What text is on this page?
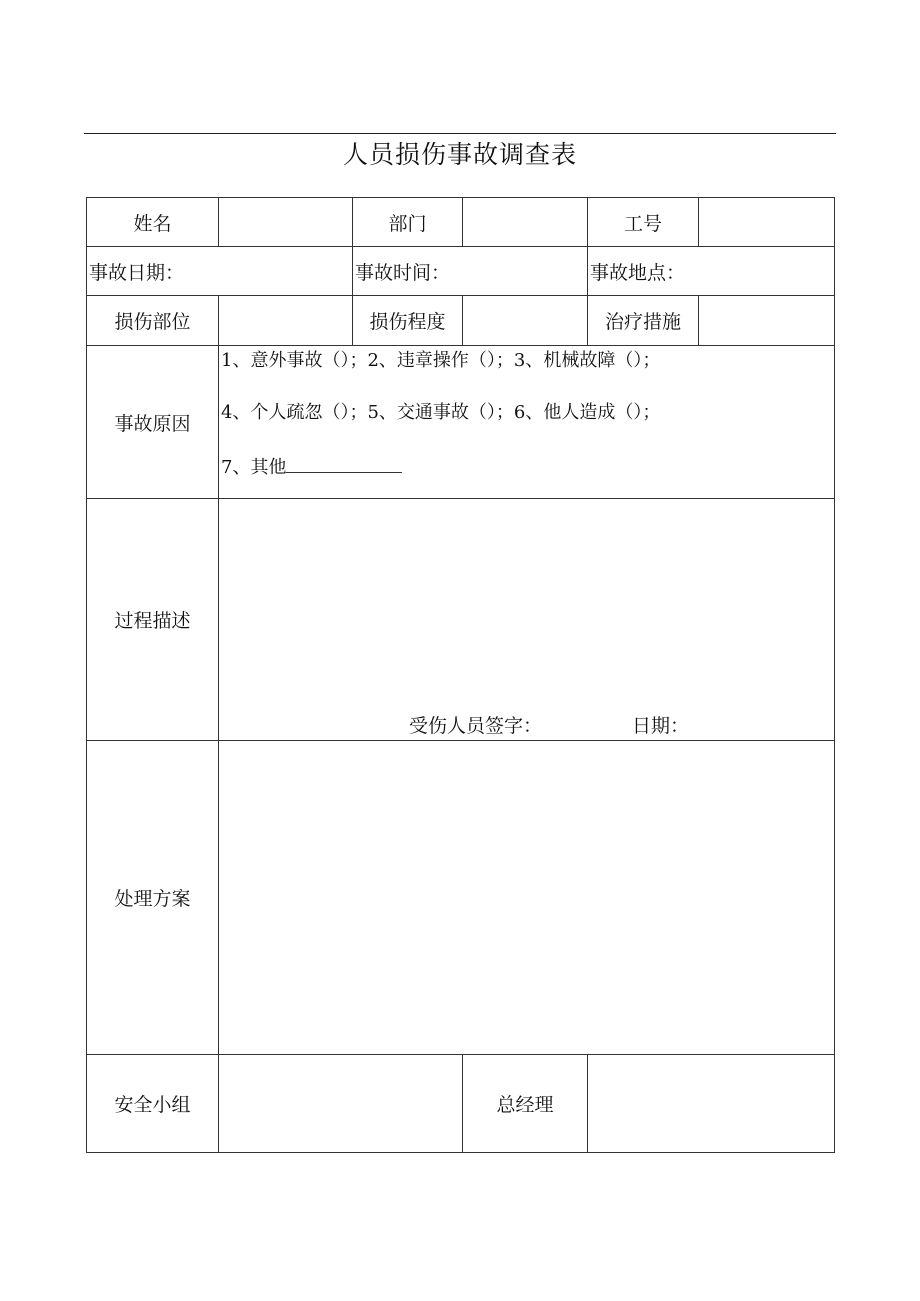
人员损伤事故调查表
姓名		部门		工号	
事故日期：		事故时间：		事故地点：	
损伤部位		损伤程度		治疗措施	
事故原因	1、意外事故（）；2、违章操作（）；3、机械故障（）；
4、个人疏忽（）；5、交通事故（）；6、他人造成（）；
7、其他				

过程描述	受伤人员签字： 日期：				

处理方案					
安全小组			总经理		
